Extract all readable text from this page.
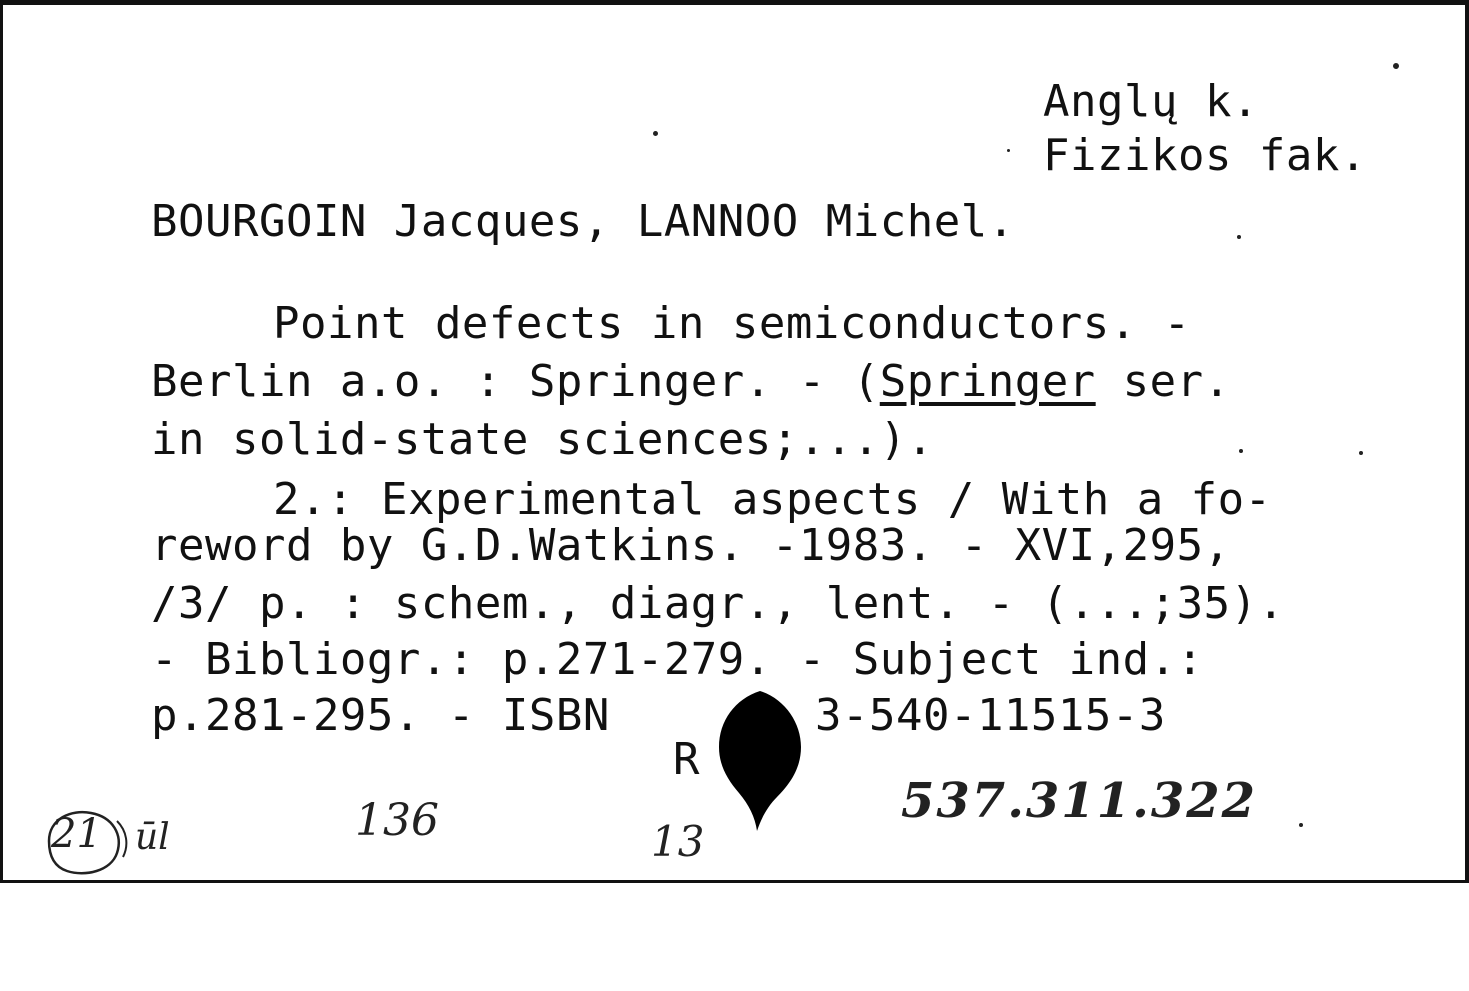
Anglų k.

Fizikos fak.

BOURGOIN Jacques, LANNOO Michel.

Point defects in semiconductors. -

Berlin a.o. : Springer. - (Springer ser.

in solid-state sciences;...).

2.: Experimental aspects / With a fo-

reword by G.D.Watkins. -1983. - XVI,295,

/3/ p. : schem., diagr., lent. - (...;35).

- Bibliogr.: p.271-279. - Subject ind.:

p.281-295. - ISBN

	3-540-11515-3

R

21 ūl	136	13
537.311.322
